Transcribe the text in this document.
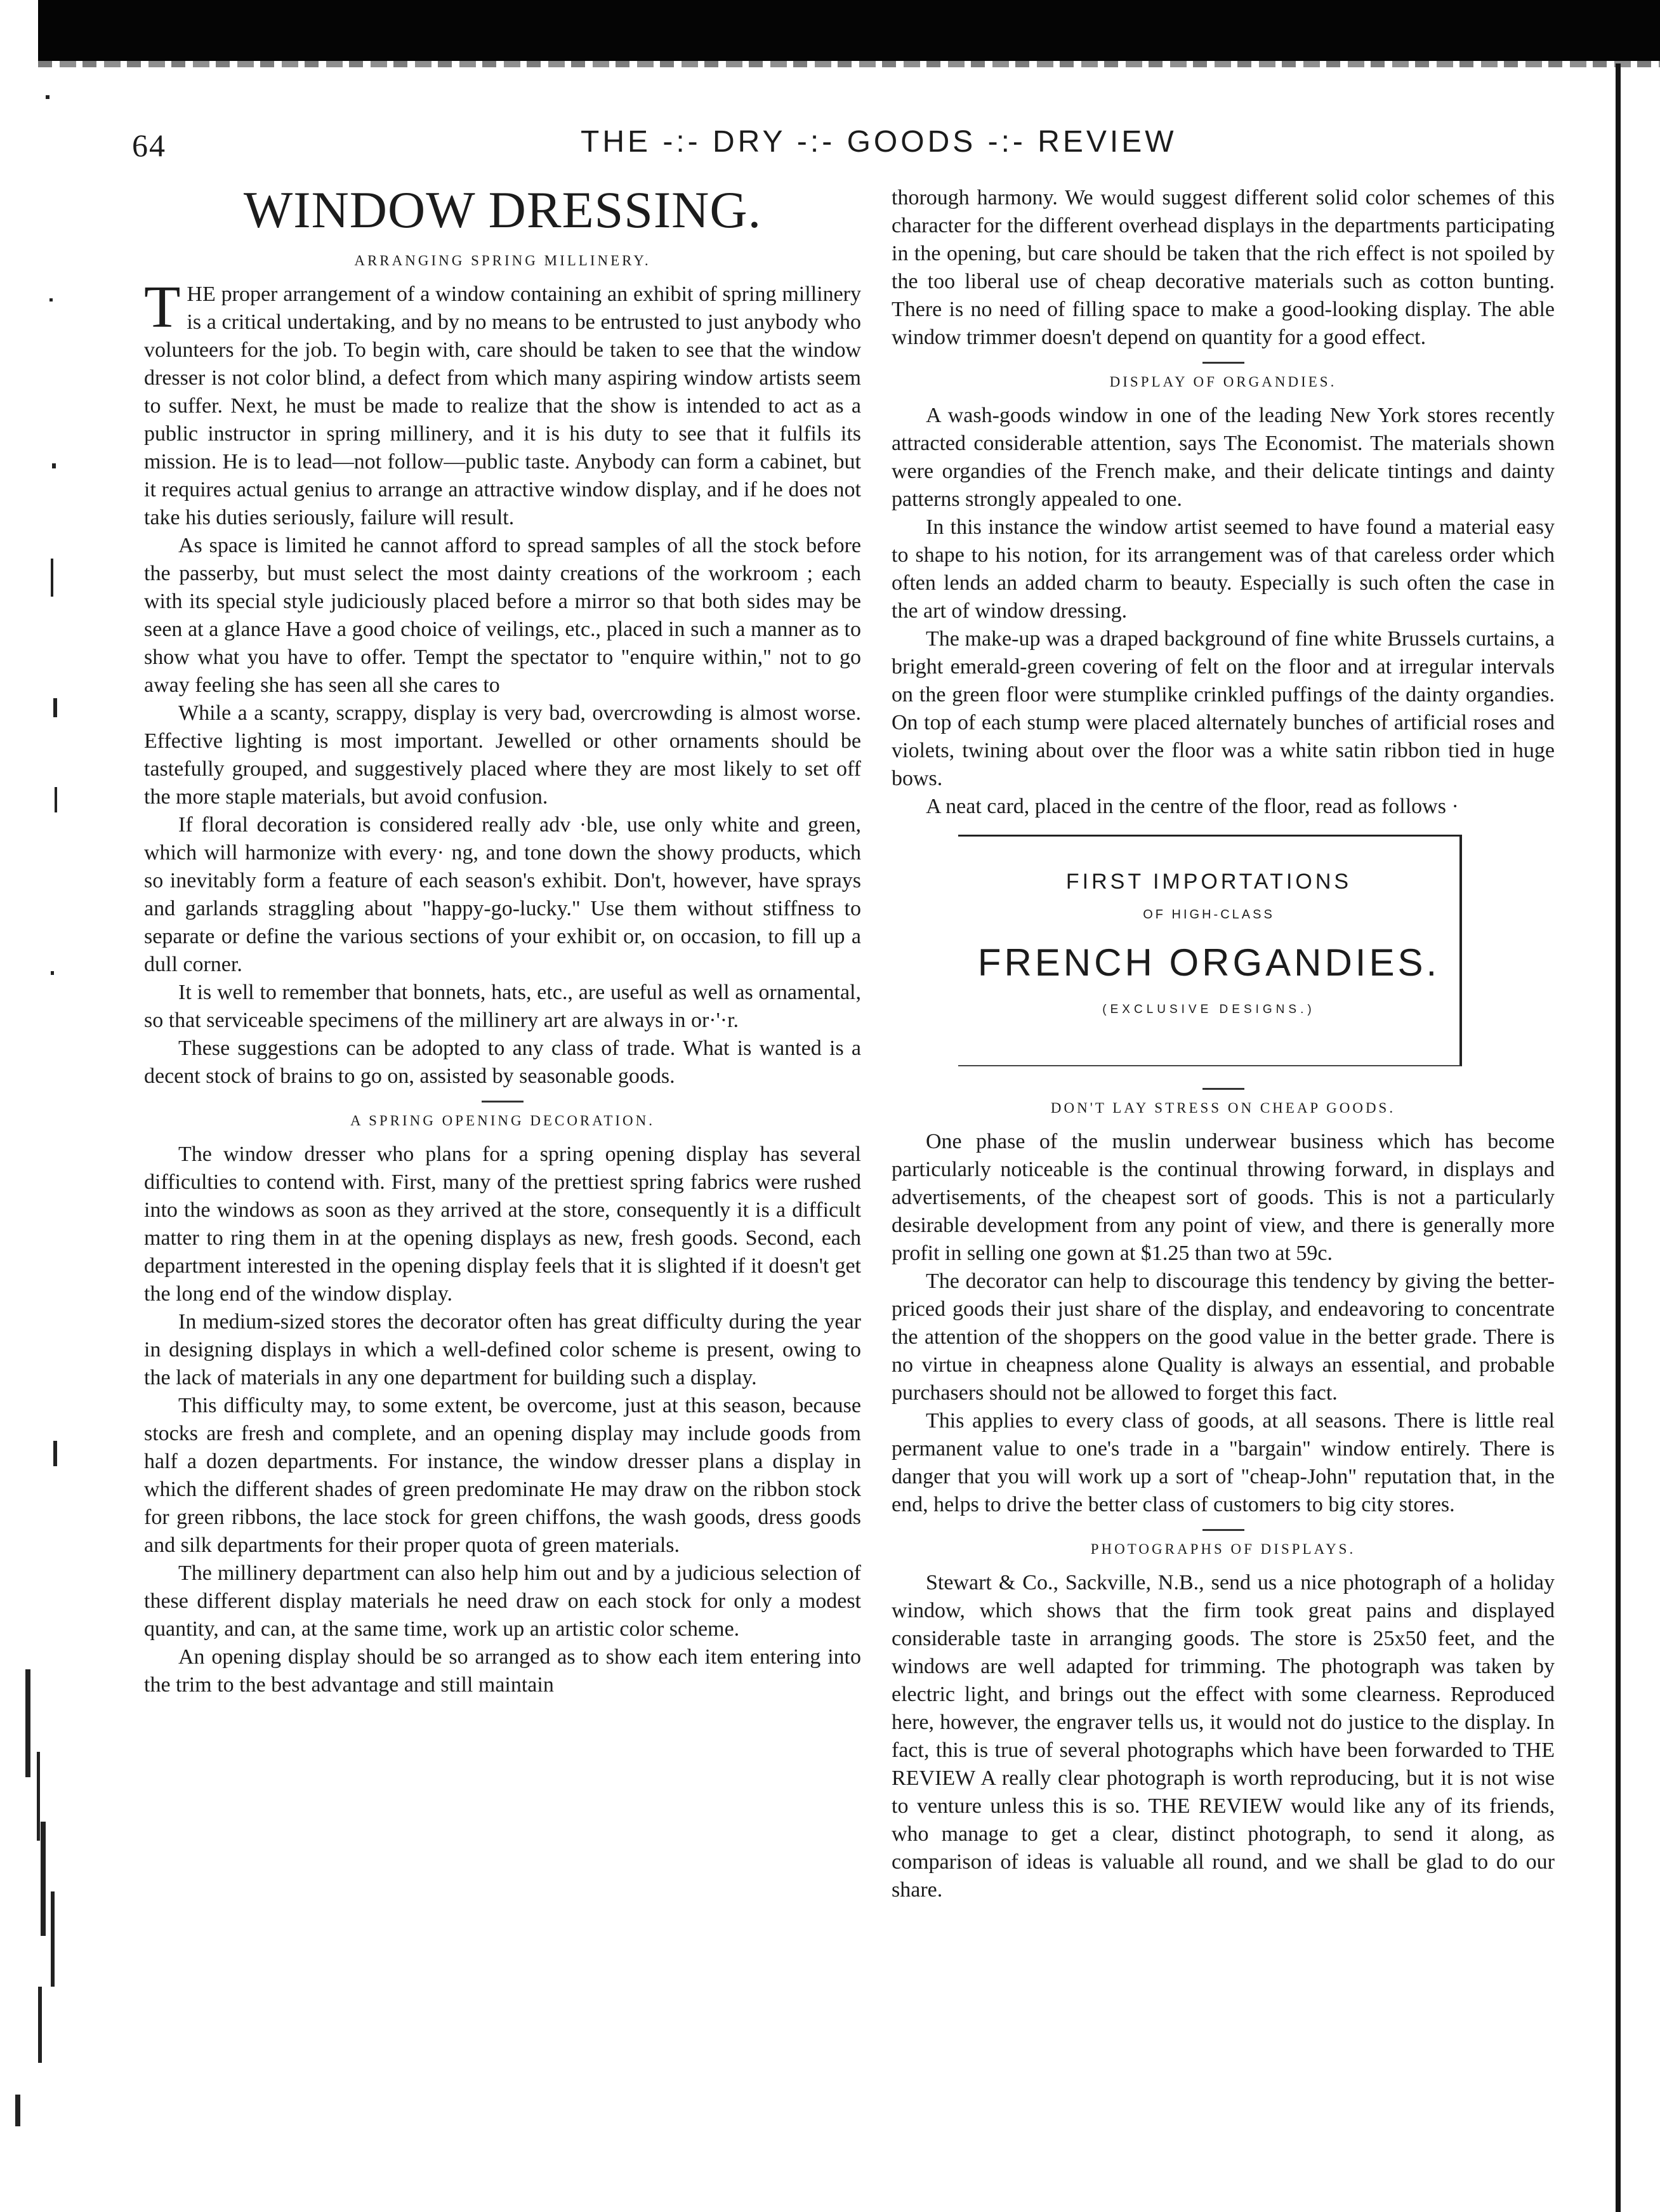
64	THE -:- DRY -:- GOODS -:- REVIEW
WINDOW DRESSING.
ARRANGING SPRING MILLINERY.

THE proper arrangement of a window containing an exhibit of spring millinery is a critical undertaking, and by no means to be entrusted to just anybody who volunteers for the job. To begin with, care should be taken to see that the window dresser is not color blind, a defect from which many aspiring window artists seem to suffer. Next, he must be made to realize that the show is intended to act as a public instructor in spring millinery, and it is his duty to see that it fulfils its mission. He is to lead—not follow—public taste. Anybody can form a cabinet, but it requires actual genius to arrange an attractive window display, and if he does not take his duties seriously, failure will result.

As space is limited he cannot afford to spread samples of all the stock before the passerby, but must select the most dainty creations of the workroom ; each with its special style judiciously placed before a mirror so that both sides may be seen at a glance Have a good choice of veilings, etc., placed in such a manner as to show what you have to offer. Tempt the spectator to "enquire within," not to go away feeling she has seen all she cares to

While a a scanty, scrappy, display is very bad, overcrowding is almost worse. Effective lighting is most important. Jewelled or other ornaments should be tastefully grouped, and suggestively placed where they are most likely to set off the more staple materials, but avoid confusion.

If floral decoration is considered really adv ·ble, use only white and green, which will harmonize with every· ng, and tone down the showy products, which so inevitably form a feature of each season's exhibit. Don't, however, have sprays and garlands straggling about "happy-go-lucky." Use them without stiffness to separate or define the various sections of your exhibit or, on occasion, to fill up a dull corner.

It is well to remember that bonnets, hats, etc., are useful as well as ornamental, so that serviceable specimens of the millinery art are always in or·'·r.

These suggestions can be adopted to any class of trade. What is wanted is a decent stock of brains to go on, assisted by seasonable goods.

A SPRING OPENING DECORATION.

The window dresser who plans for a spring opening display has several difficulties to contend with. First, many of the prettiest spring fabrics were rushed into the windows as soon as they arrived at the store, consequently it is a difficult matter to ring them in at the opening displays as new, fresh goods. Second, each department interested in the opening display feels that it is slighted if it doesn't get the long end of the window display.

In medium-sized stores the decorator often has great difficulty during the year in designing displays in which a well-defined color scheme is present, owing to the lack of materials in any one department for building such a display.

This difficulty may, to some extent, be overcome, just at this season, because stocks are fresh and complete, and an opening display may include goods from half a dozen departments. For instance, the window dresser plans a display in which the different shades of green predominate He may draw on the ribbon stock for green ribbons, the lace stock for green chiffons, the wash goods, dress goods and silk departments for their proper quota of green materials.

The millinery department can also help him out and by a judicious selection of these different display materials he need draw on each stock for only a modest quantity, and can, at the same time, work up an artistic color scheme.

An opening display should be so arranged as to show each item entering into the trim to the best advantage and still maintain

thorough harmony. We would suggest different solid color schemes of this character for the different overhead displays in the departments participating in the opening, but care should be taken that the rich effect is not spoiled by the too liberal use of cheap decorative materials such as cotton bunting. There is no need of filling space to make a good-looking display. The able window trimmer doesn't depend on quantity for a good effect.

DISPLAY OF ORGANDIES.

A wash-goods window in one of the leading New York stores recently attracted considerable attention, says The Economist. The materials shown were organdies of the French make, and their delicate tintings and dainty patterns strongly appealed to one.

In this instance the window artist seemed to have found a material easy to shape to his notion, for its arrangement was of that careless order which often lends an added charm to beauty. Especially is such often the case in the art of window dressing.

The make-up was a draped background of fine white Brussels curtains, a bright emerald-green covering of felt on the floor and at irregular intervals on the green floor were stumplike crinkled puffings of the dainty organdies. On top of each stump were placed alternately bunches of artificial roses and violets, twining about over the floor was a white satin ribbon tied in huge bows.

A neat card, placed in the centre of the floor, read as follows ·

FIRST IMPORTATIONS
OF HIGH-CLASS
FRENCH ORGANDIES.
(EXCLUSIVE DESIGNS.)
DON'T LAY STRESS ON CHEAP GOODS.

One phase of the muslin underwear business which has become particularly noticeable is the continual throwing forward, in displays and advertisements, of the cheapest sort of goods. This is not a particularly desirable development from any point of view, and there is generally more profit in selling one gown at $1.25 than two at 59c.

The decorator can help to discourage this tendency by giving the better-priced goods their just share of the display, and endeavoring to concentrate the attention of the shoppers on the good value in the better grade. There is no virtue in cheapness alone Quality is always an essential, and probable purchasers should not be allowed to forget this fact.

This applies to every class of goods, at all seasons. There is little real permanent value to one's trade in a "bargain" window entirely. There is danger that you will work up a sort of "cheap-John" reputation that, in the end, helps to drive the better class of customers to big city stores.

PHOTOGRAPHS OF DISPLAYS.

Stewart & Co., Sackville, N.B., send us a nice photograph of a holiday window, which shows that the firm took great pains and displayed considerable taste in arranging goods. The store is 25x50 feet, and the windows are well adapted for trimming. The photograph was taken by electric light, and brings out the effect with some clearness. Reproduced here, however, the engraver tells us, it would not do justice to the display. In fact, this is true of several photographs which have been forwarded to THE REVIEW A really clear photograph is worth reproducing, but it is not wise to venture unless this is so. THE REVIEW would like any of its friends, who manage to get a clear, distinct photograph, to send it along, as comparison of ideas is valuable all round, and we shall be glad to do our share.
